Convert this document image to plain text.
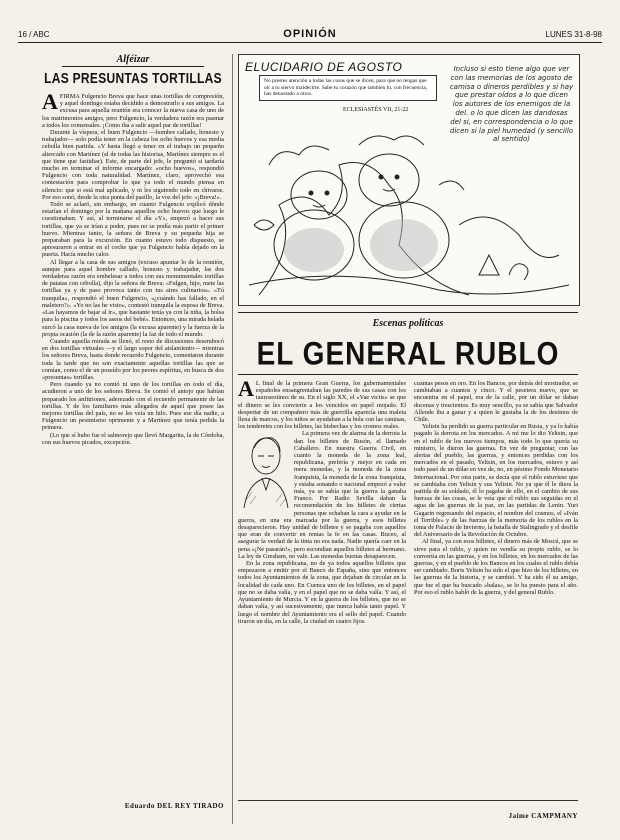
16 / ABC	OPINIÓN	LUNES 31-8-98
Alféizar
LAS PRESUNTAS TORTILLAS

AFIRMA Fulgencio Breva que hace unas tortillas de compresión, y aquel domingo estaba decidido a demostrarlo a sus amigos. La excusa para aquella reunión era conocer la nueva casa de uno de los matrimonios amigos, pero Fulgencio, la verdadera razón era pasmar a todos los comensales. ¡Como iba a salir aquel par de tortillas!

Durante la víspera, el buen Fulgencio —hombre callado, honesto y trabajador— solo podía tener en la cabeza los ocho huevos y esa media cebolla bien partida. «Y hasta llegó a tener en el trabajo un pequeño altercado con Martínez (el de todas las historias, Martínez siempre es el que tiene que fastidiar). Este, de parte del jefe, le preguntó si tardaría mucho en terminar el informe encargado: «ocho huevos», respondió Fulgencio con toda naturalidad. Martínez, claro, aprovechó esa contestación para comprobar lo que ya todo el mundo piensa en silencio: que si está mal aplicado, y ni les siguiendo todo en chivarse. Por eso sonó, desde la otra punta del pasillo, la voz del jefe: «¡Breva!».

Todo se aclaró, sin embargo, en cuanto Fulgencio explicó dónde estarían el domingo por la mañana aquellos ocho huevos que luego le cuestionaban. Y así, al terminarse el día «Y», empezó a hacer sus tortillas, que ya se irían a poder, pues no se podía más partir el primer huevo. Mientras tanto, la señora de Breva y su pequeña hija se preparaban para la excursión. En cuanto estuvo todo dispuesto, se apresuraron a entrar en el coche que ya Fulgencio había dejado en la puerta. Hacía mucho calor.

Al llegar a la casa de sus amigos (excuso apuntar lo de la reunión, aunque para aquel hombre callado, honesto y trabajador, las dos verdaderas razón era embelesar a todos con sus monumentales tortillas de patatas con cebolla), dijo la señora de Breva: «Fulgen, hijo, mete las tortillas ya y de paso provoca tanto con tus aires culinarios». «Tú tranquila», respondió el buen Fulgencio, «¿cuándo has fallado, en el maletero?». «Yo no las he visto», contestó tranquila la esposa de Breva. «Las hayamos de bajar al ir», que bastante tenía ya con la niña, la bolsa para la piscina y todos los aseos del bebé». Entonces, una mirada helada surcó la casa nueva de los amigos (la excusa aparente) y la fuerza de la propia ocasión (la de la razón aparente) la faz de todo el mundo.

Cuando aquella mirada se llenó, el resto de discusiones desembocó en dos tortillas virtuales —y el largo sopor del aislamiento— mientras los señores Breva, hasta donde recuerdo Fulgencio, comentaron durante toda la tarde que no son exactamente aquellas tortillas las que se comían, como el de un poseído por los peores espíritus, en busca de dos «presuntas» tortillas.

Pero cuando ya no comió ni uno de los tortillas en todo el día, acudieron a uno de los señores Breva. Se comió el antojo que habían preparado los anfitriones, aderezado con el recuerdo permanente de las tortillas. Y de los familiares más allegados de aquel que posee las mejores tortillas del país, no se les veía un hilo. Pues ese día nadie, a Fulgencio un pesimismo oprimente y a Martínez que tenía pedida la primera.

(Lo que sí hubo fue el salmorejo que llevó Margarita, la de Córdoba, con sus huevos picados, excepción.

Eduardo DEL REY TIRADO
ELUCIDARIO DE AGOSTO
No prestes atención a todas las cosas que se dicen, para que no tengas que oír a tu siervo maldecirte. Sabe tu corazón que también tú, con frecuencia, has denostado a otros.
ECLESIASTÉS VII, 21-22
Incluso si esto tiene algo que ver con las memorias de los agosto de camisa o dineros perdibles y si hay que prestar oídos a lo que dicen los autores de los enemigos de la del. o lo que dicen las dandosas del si, en correspondencia o lo que dicen si la piel humedad (y sencillo al sentido)
Escenas políticas
EL GENERAL RUBLO

A L final de la primera Gran Guerra, los gubernamentales españoles ensangrentaban las paredes de sus casas con los taurosestinos de su. En el siglo XX, el «Vae victis» se que el dinero se les convierte a los vencidos en papel mojado. El despertar de un compañero más de guerrilla aparecía una maleta llena de marcos, y los niños se ayudaban a la bola con las camisas, los tenderetes con los billetes, las bisbechas y los cromos reales.

La primera vez de alarma de la derrota la dan los billetes de Rusón, el llamado Caballero. En nuestra Guerra Civil, en cuanto la moneda de la zona leal, republicana, prefería y mejor en cada en mera monedas, y la moneda de la zona franquista, la moneda de la zona franquista, y estaba sonando o nacional empezó a valer más, ya se sabía que la guerra la ganaba Franco. Por Radio Sevilla daban la recomendación de los billetes de ciertas personas que echaban la cara a ayudar en la guerra, en una era marcada por la guerra, y esos billetes desaparecieron. Hay unidad de billetes y se pagaba con aquellos que eran de convertir en rentas la fe en las casas. Buceo, al asegurar la verdad de la tinta no era nada. Nadie quería caer en la pena «¡Ne pasarán!», pero escondían aquellos billetes al hermano. La ley de Gresham, no vale. Las monedas buenas desaparecen.

En la zona republicana, no de ya todos aquellos billetes que empezaron a emitir por el Banco de España, sino que entonces todos los Ayuntamientos de la zona, que dejaban de circular en la localidad de cada uno. En Cuenca uno de los billetes, en el papel que no se daba valía, y en el papel que no se daba valía. Y así, el Ayuntamiento de Murcia. Y en la guerra de los billetes, que no se daban valía, y así sucesivamente, que nunca había tanto papel. Y luego el nombre del Ayuntamiento era el sello del papel. Cuando tiraron un día, en la calle, la ciudad en cuatro fijos.

cuantas pesos en oro. En los Bancos, por detrás del mostrador, se cambiaban a cuantos y cinco. Y el pesetera nuevo, que se encuentra en el papel, era de la calle, por un dólar se daban docenas y trescientos. Es muy sencillo, ya se sabía que Salvador Allende iba a ganar y a quien le gustaba la de los destinos de Chile.

Yeltsin ha perdido su guerra particular en Rusia, y ya lo había pagado la derrota en los mercados. A mí me lo dio Yeltsin, que en el rublo de los nuevos tiempos, más todo lo que quería su ministro, le dieron las guerras. En vez de preguntar, con las alertas del pueblo, las guerras, y entonces perdidas con los mercados en el pasado, Yeltsin, en los mercados, estuvo y así todo pasó de un dólar en vez de, no, en pésimo Fondo Monetario Internacional. Por otra parte, se decía que el rublo estuviese que se cambiaba con Yeltsin y sus Yeltsin. No ya que él le diera la partida de su soldado, él lo pagaba de ello, en el cambio de sus fuerzas de las cosas, se le veía que el rublo sus seguidas en el agua de las guerras de la paz, en las partidas de Lenin. Yuri Gagarin regresando del espacio, el nombre del cosmos, el «Iván el Terrible» y de las fuerzas de la memoria de los rublos en la toma de Palacio de Invierno, la batalla de Stalingrado y el desfile del Aniversario de la Revolución de Octubre.

Al final, ya con esos billetes, el dinero más de Moscú, que se sirve para el rublo, y quien no vendía su propio rublo, se lo convertía en las guerras, y en los billetes, en los mercados de las guerras, y en el pueblo de los Bancos en los cuales el rublo debía ser cambiado. Boris Yeltsin ha sido el que hizo de los billetes, en las guerras de la historia, y se cambió. Y ha sido él su amigo, que fue el que ha buscado «balas», se lo ha puesto para el año. Por eso el rublo habló de la guerra, y del general Rublo.

Jaime CAMPMANY
